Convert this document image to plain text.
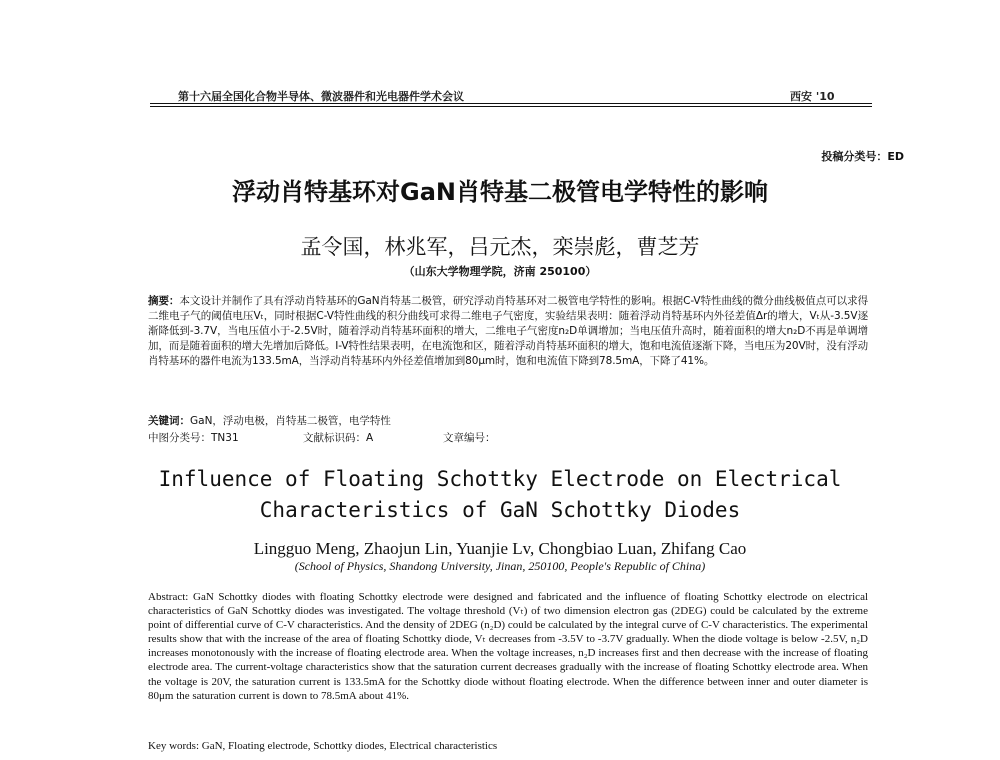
第十六届全国化合物半导体、微波器件和光电器件学术会议	西安 '10
投稿分类号：ED
浮动肖特基环对GaN肖特基二极管电学特性的影响
孟令国，林兆军，吕元杰，栾崇彪，曹芝芳
（山东大学物理学院，济南 250100）
摘要：本文设计并制作了具有浮动肖特基环的GaN肖特基二极管，研究浮动肖特基环对二极管电学特性的影响。根据C-V特性曲线的微分曲线极值点可以求得二维电子气的阈值电压Vₜ，同时根据C-V特性曲线的积分曲线可求得二维电子气密度，实验结果表明：随着浮动肖特基环内外径差值Δr的增大，Vₜ从-3.5V逐渐降低到-3.7V，当电压值小于-2.5V时，随着浮动肖特基环面积的增大，二维电子气密度n₂D单调增加；当电压值升高时，随着面积的增大n₂D不再是单调增加，而是随着面积的增大先增加后降低。I-V特性结果表明，在电流饱和区，随着浮动肖特基环面积的增大，饱和电流值逐渐下降，当电压为20V时，没有浮动肖特基环的器件电流为133.5mA，当浮动肖特基环内外径差值增加到80μm时，饱和电流值下降到78.5mA，下降了41%。
关键词：GaN，浮动电极，肖特基二极管，电学特性
中图分类号：TN31	文献标识码：A	文章编号：
Influence of Floating Schottky Electrode on Electrical
Characteristics of GaN Schottky Diodes
Lingguo Meng, Zhaojun Lin, Yuanjie Lv, Chongbiao Luan, Zhifang Cao
(School of Physics, Shandong University, Jinan, 250100, People's Republic of China)
Abstract: GaN Schottky diodes with floating Schottky electrode were designed and fabricated and the influence of floating Schottky electrode on electrical characteristics of GaN Schottky diodes was investigated. The voltage threshold (Vₜ) of two dimension electron gas (2DEG) could be calculated by the extreme point of differential curve of C-V characteristics. And the density of 2DEG (n₂D) could be calculated by the integral curve of C-V characteristics. The experimental results show that with the increase of the area of floating Schottky diode, Vₜ decreases from -3.5V to -3.7V gradually. When the diode voltage is below -2.5V, n₂D increases monotonously with the increase of floating electrode area. When the voltage increases, n₂D increases first and then decrease with the increase of floating electrode area. The current-voltage characteristics show that the saturation current decreases gradually with the increase of floating Schottky electrode area. When the voltage is 20V, the saturation current is 133.5mA for the Schottky diode without floating electrode. When the difference between inner and outer diameter is 80μm the saturation current is down to 78.5mA about 41%.
Key words: GaN, Floating electrode, Schottky diodes, Electrical characteristics
